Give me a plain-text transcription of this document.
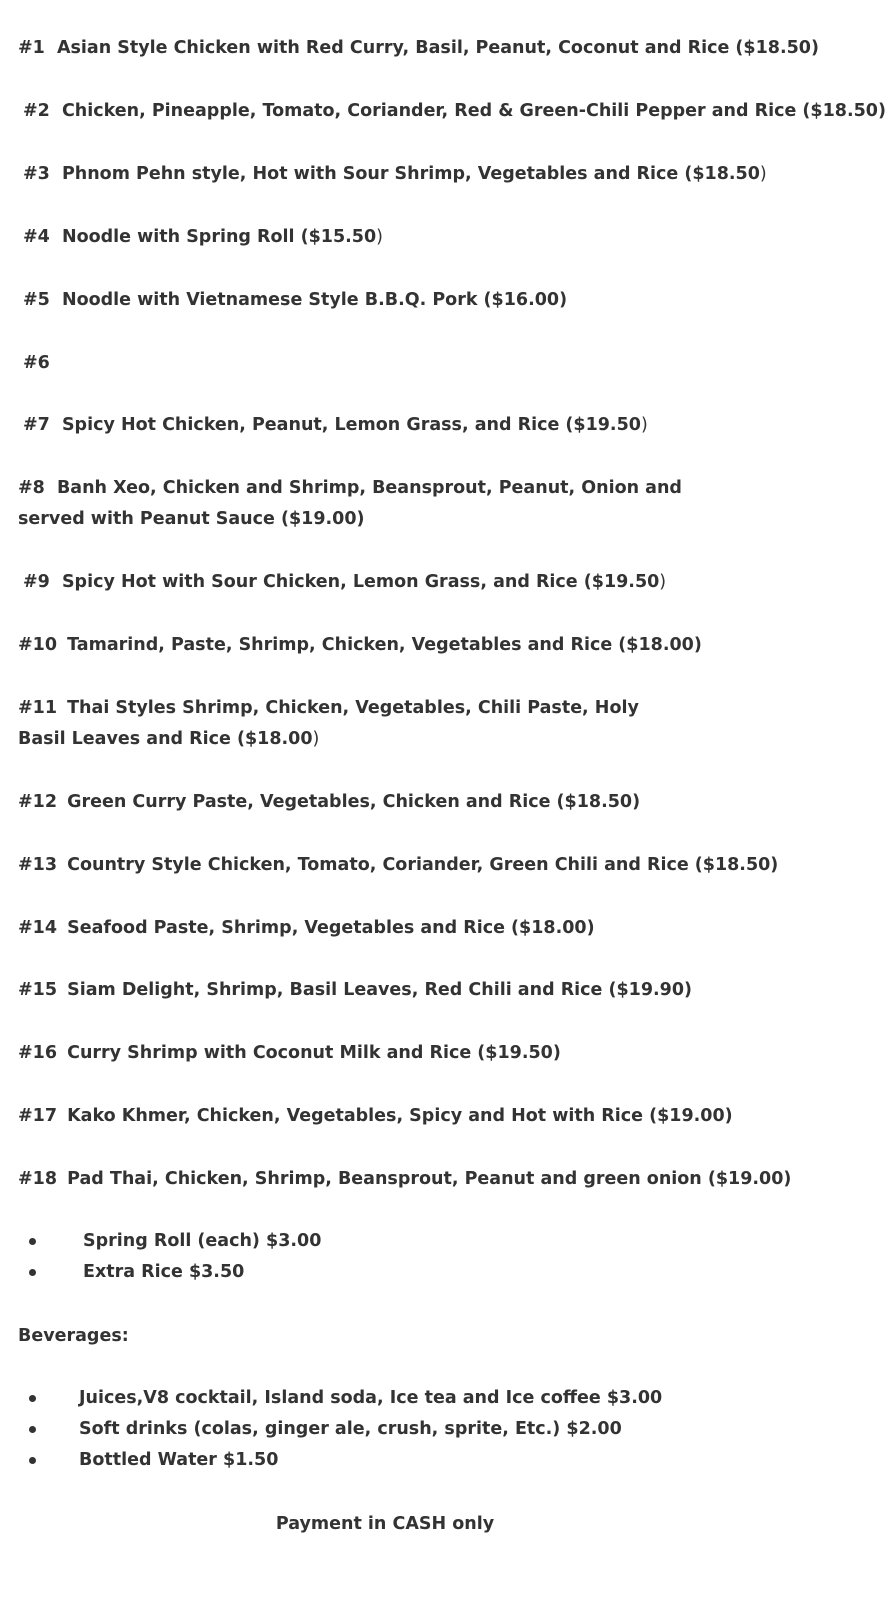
#1 Asian Style Chicken with Red Curry, Basil, Peanut, Coconut and Rice ($18.50)
#2 Chicken, Pineapple, Tomato, Coriander, Red & Green-Chili Pepper and Rice ($18.50)
#3 Phnom Pehn style, Hot with Sour Shrimp, Vegetables and Rice ($18.50)
#4 Noodle with Spring Roll ($15.50)
#5 Noodle with Vietnamese Style B.B.Q. Pork ($16.00)
#6
#7 Spicy Hot Chicken, Peanut, Lemon Grass, and Rice ($19.50)
#8 Banh Xeo, Chicken and Shrimp, Beansprout, Peanut, Onion and served with Peanut Sauce ($19.00)
#9 Spicy Hot with Sour Chicken, Lemon Grass, and Rice ($19.50)
#10 Tamarind, Paste, Shrimp, Chicken, Vegetables and Rice ($18.00)
#11 Thai Styles Shrimp, Chicken, Vegetables, Chili Paste, Holy Basil Leaves and Rice ($18.00)
#12 Green Curry Paste, Vegetables, Chicken and Rice ($18.50)
#13 Country Style Chicken, Tomato, Coriander, Green Chili and Rice ($18.50)
#14 Seafood Paste, Shrimp, Vegetables and Rice ($18.00)
#15 Siam Delight, Shrimp, Basil Leaves, Red Chili and Rice ($19.90)
#16 Curry Shrimp with Coconut Milk and Rice ($19.50)
#17 Kako Khmer, Chicken, Vegetables, Spicy and Hot with Rice ($19.00)
#18 Pad Thai, Chicken, Shrimp, Beansprout, Peanut and green onion ($19.00)
Spring Roll (each) $3.00
Extra Rice $3.50
Beverages:
Juices,V8 cocktail, Island soda, Ice tea and Ice coffee $3.00
Soft drinks (colas, ginger ale, crush, sprite, Etc.) $2.00
Bottled Water $1.50
Payment in CASH only
